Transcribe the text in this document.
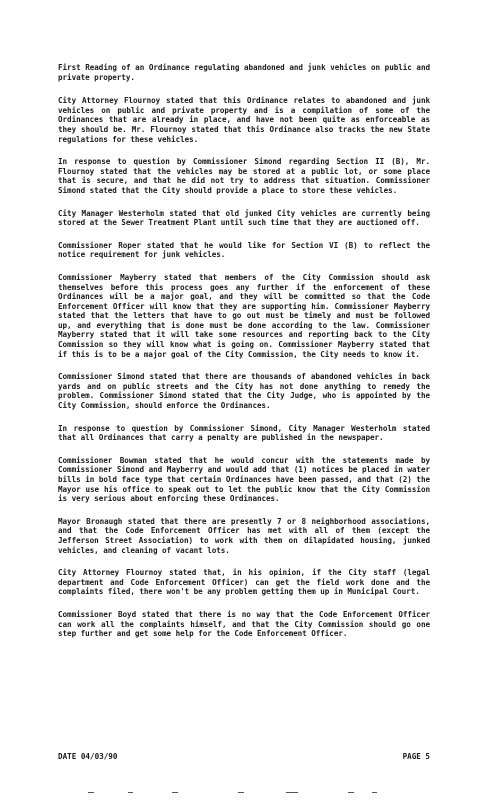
First Reading of an Ordinance regulating abandoned and junk vehicles on public and private property.

City Attorney Flournoy stated that this Ordinance relates to abandoned and junk vehicles on public and private property and is a compilation of some of the Ordinances that are already in place, and have not been quite as enforceable as they should be. Mr. Flournoy stated that this Ordinance also tracks the new State regulations for these vehicles.

In response to question by Commissioner Simond regarding Section II (B), Mr. Flournoy stated that the vehicles may be stored at a public lot, or some place that is secure, and that he did not try to address that situation. Commissioner Simond stated that the City should provide a place to store these vehicles.

City Manager Westerholm stated that old junked City vehicles are currently being stored at the Sewer Treatment Plant until such time that they are auctioned off.

Commissioner Roper stated that he would like for Section VI (B) to reflect the notice requirement for junk vehicles.

Commissioner Mayberry stated that members of the City Commission should ask themselves before this process goes any further if the enforcement of these Ordinances will be a major goal, and they will be committed so that the Code Enforcement Officer will know that they are supporting him. Commissioner Mayberry stated that the letters that have to go out must be timely and must be followed up, and everything that is done must be done according to the law. Commissioner Mayberry stated that it will take some resources and reporting back to the City Commission so they will know what is going on. Commissioner Mayberry stated that if this is to be a major goal of the City Commission, the City needs to know it.

Commissioner Simond stated that there are thousands of abandoned vehicles in back yards and on public streets and the City has not done anything to remedy the problem. Commissioner Simond stated that the City Judge, who is appointed by the City Commission, should enforce the Ordinances.

In response to question by Commissioner Simond, City Manager Westerholm stated that all Ordinances that carry a penalty are published in the newspaper.

Commissioner Bowman stated that he would concur with the statements made by Commissioner Simond and Mayberry and would add that (1) notices be placed in water bills in bold face type that certain Ordinances have been passed, and that (2) the Mayor use his office to speak out to let the public know that the City Commission is very serious about enforcing these Ordinances.

Mayor Bronaugh stated that there are presently 7 or 8 neighborhood associations, and that the Code Enforcement Officer has met with all of them (except the Jefferson Street Association) to work with them on dilapidated housing, junked vehicles, and cleaning of vacant lots.

City Attorney Flournoy stated that, in his opinion, if the City staff (legal department and Code Enforcement Officer) can get the field work done and the complaints filed, there won't be any problem getting them up in Municipal Court.

Commissioner Boyd stated that there is no way that the Code Enforcement Officer can work all the complaints himself, and that the City Commission should go one step further and get some help for the Code Enforcement Officer.

DATE 04/03/90	PAGE 5
